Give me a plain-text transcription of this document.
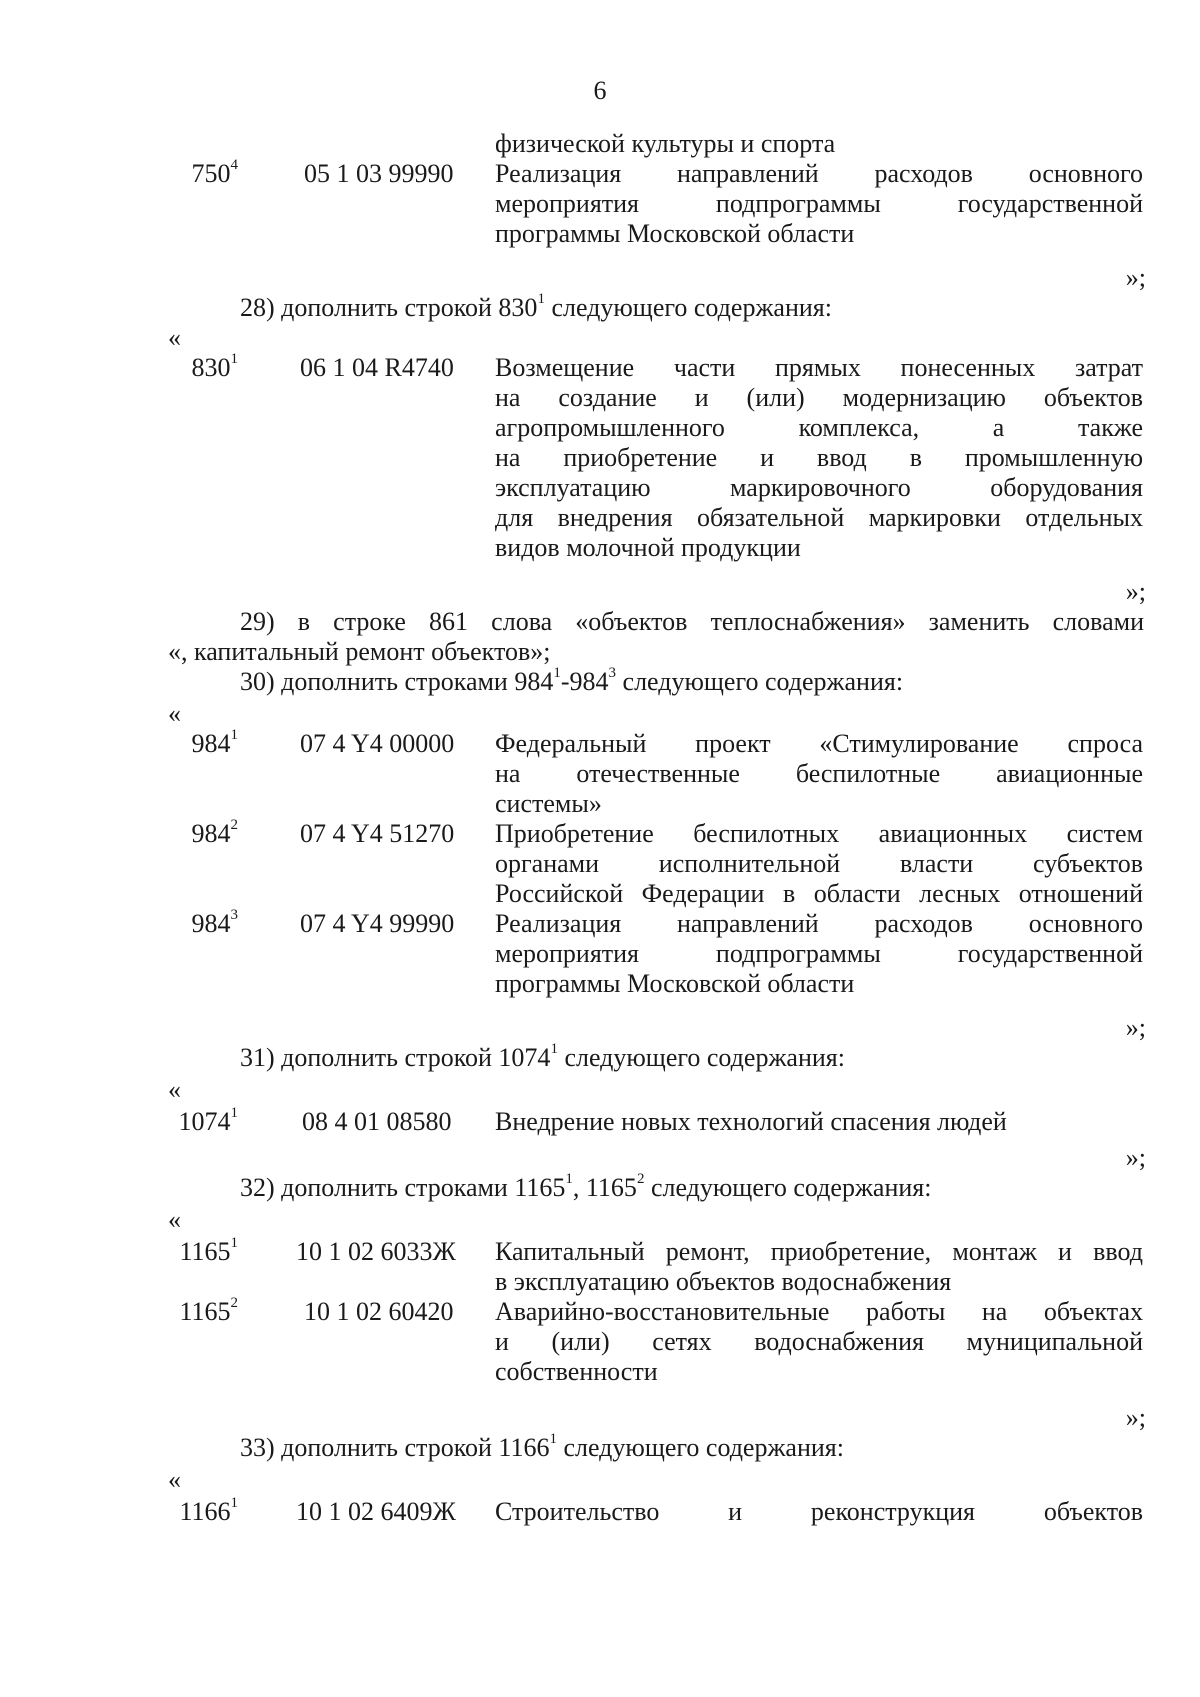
6
физической культуры и спорта
$750^4$	05 1 03 99990 Реализация направлений расходов основного
мероприятия подпрограммы государственной
программы Московской области
»;
28) дополнить строкой $830^1$ следующего содержания:
«
$830^1$ 06 1 04 R4740 Возмещение части прямых понесенных затрат
на создание и (или) модернизацию объектов
агропромышленного комплекса, а также
на приобретение и ввод в промышленную
эксплуатацию маркировочного оборудования
для внедрения обязательной маркировки отдельных
видов молочной продукции
»;
29) в строке 861 слова «объектов теплоснабжения» заменить словами
«, капитальный ремонт объектов»;
30) дополнить строками $984^1-984^3$ следующего содержания:
«
$984^1$ 07 4 Y4 00000 Федеральный проект «Стимулирование спроса
на отечественные беспилотные авиационные
системы»
$984^2$ 07 4 Y4 51270 Приобретение беспилотных авиационных систем
органами исполнительной власти субъектов
Российской Федерации в области лесных отношений
$984^3$ 07 4 Y4 99990 Реализация направлений расходов основного
мероприятия подпрограммы государственной
программы Московской области
»;
31) дополнить строкой 1074$^1$ следующего содержания:
«
1074$^1$ 08 4 01 08580 Внедрение новых технологий спасения людей
»;
32) дополнить строками 1165$^1$, 1165$^2$ следующего содержания:
«
1165$^1$ 10 1 02 6033Ж Капитальный ремонт, приобретение, монтаж и ввод
в эксплуатацию объектов водоснабжения
1165$^2$	10 1 02 60420 Аварийно-восстановительные работы на объектах
и (или) сетях водоснабжения муниципальной
собственности
»;
33) дополнить строкой 1166$^1$ следующего содержания:
«
1166$^1$ 10 1 02 6409Ж Строительство и реконструкция объектов
